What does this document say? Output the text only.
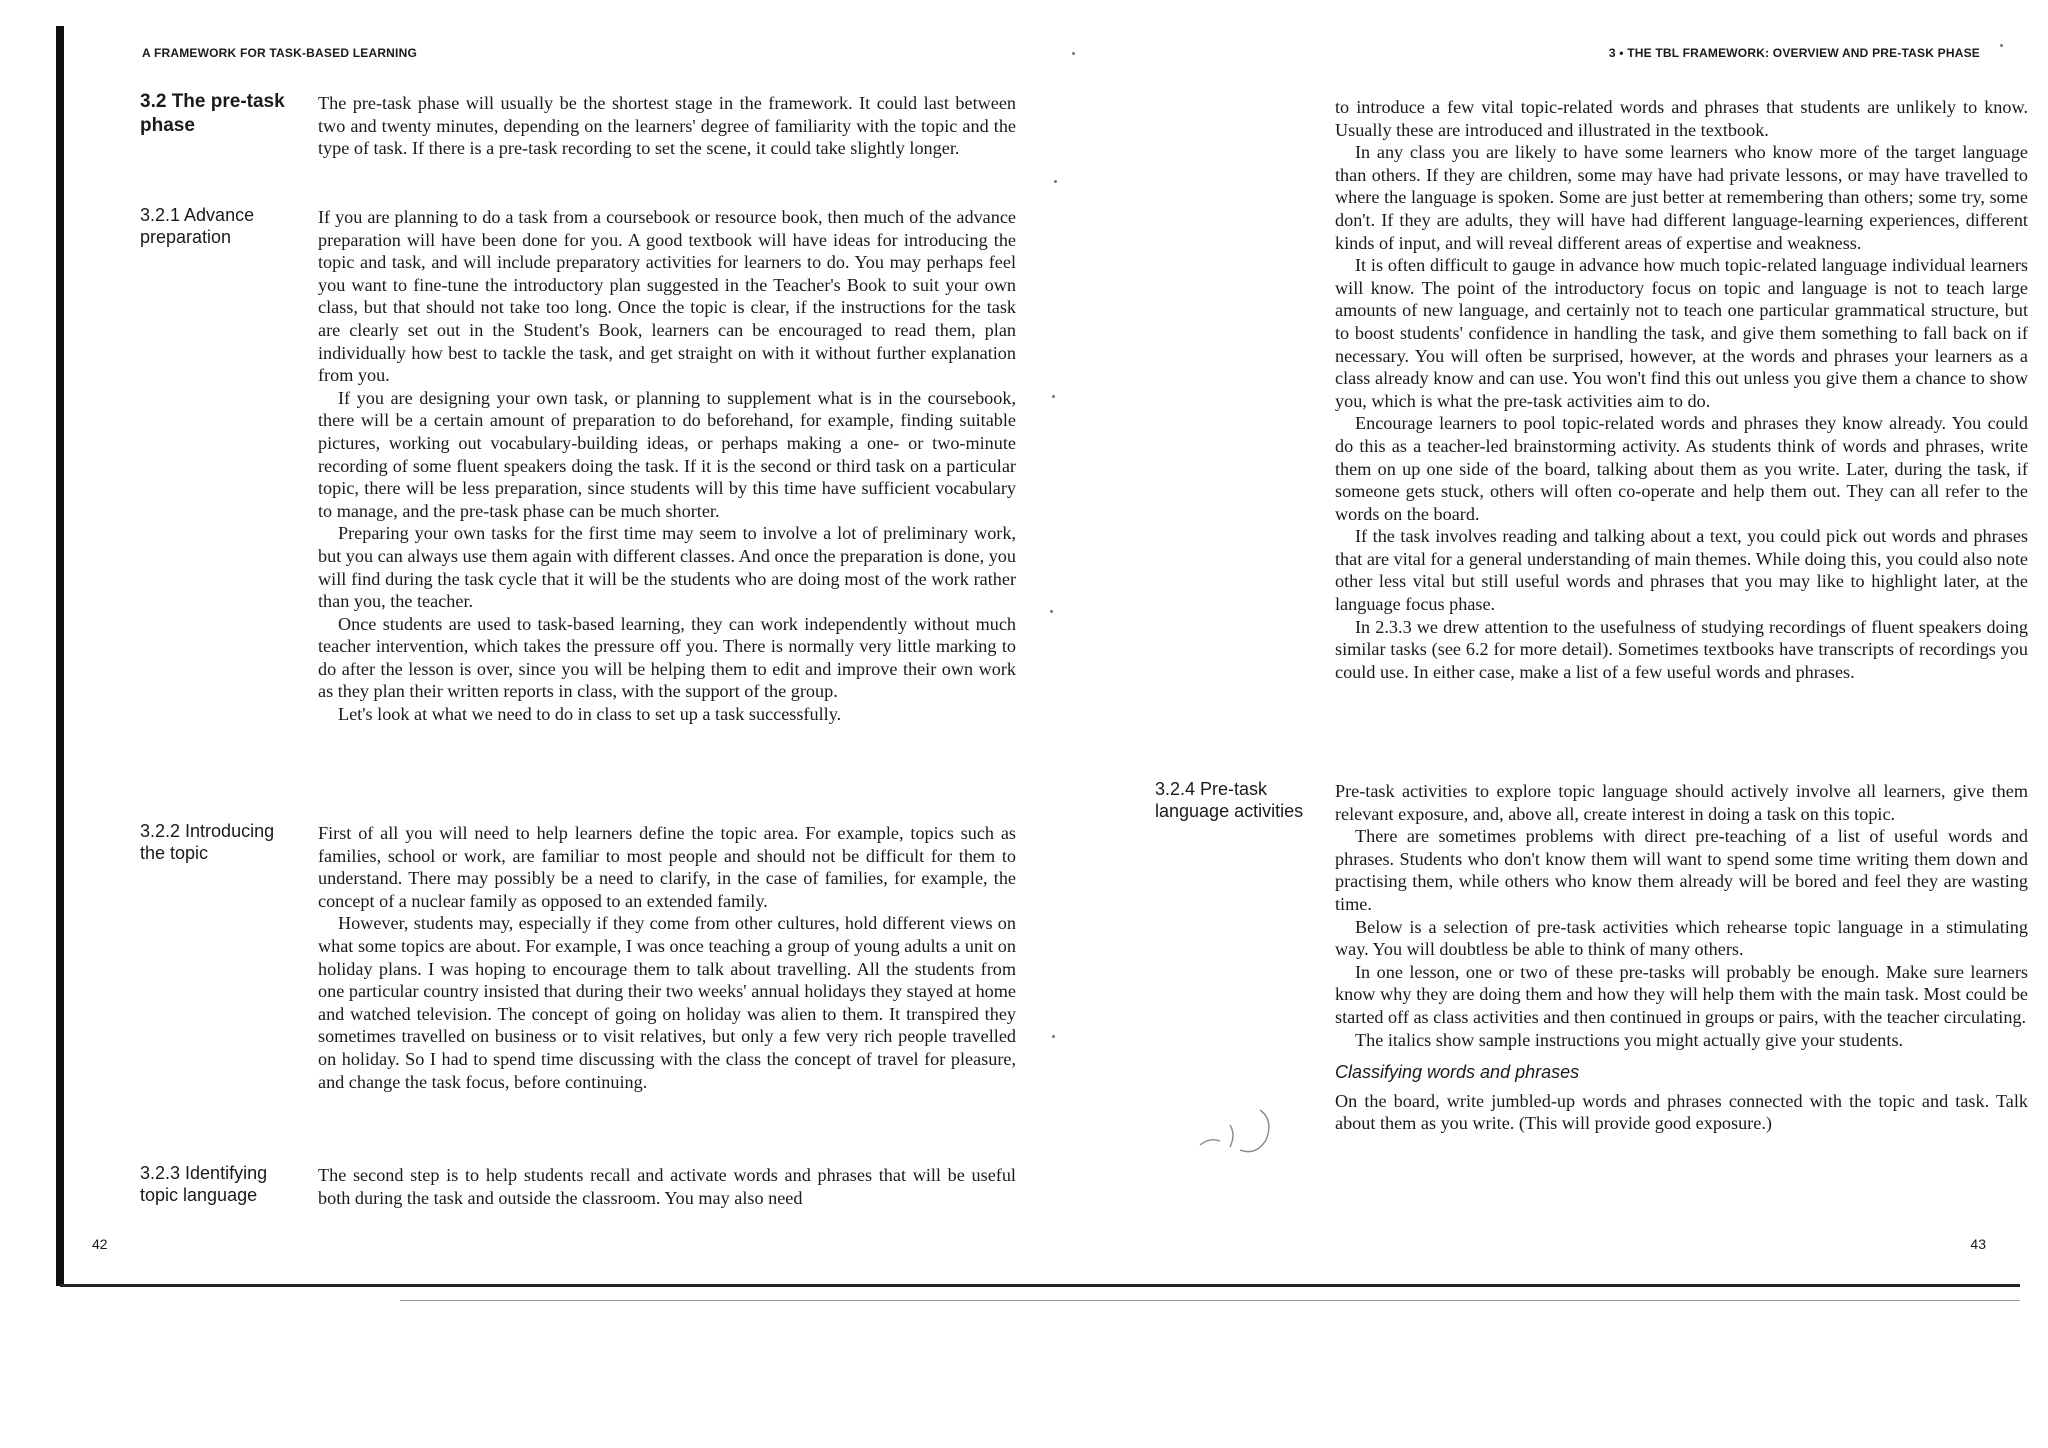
A FRAMEWORK FOR TASK-BASED LEARNING
3.2 The pre-task phase

The pre-task phase will usually be the shortest stage in the framework. It could last between two and twenty minutes, depending on the learners' degree of familiarity with the topic and the type of task. If there is a pre-task recording to set the scene, it could take slightly longer.

3.2.1 Advance preparation

If you are planning to do a task from a coursebook or resource book, then much of the advance preparation will have been done for you. A good textbook will have ideas for introducing the topic and task, and will include preparatory activities for learners to do. You may perhaps feel you want to fine-tune the introductory plan suggested in the Teacher's Book to suit your own class, but that should not take too long. Once the topic is clear, if the instructions for the task are clearly set out in the Student's Book, learners can be encouraged to read them, plan individually how best to tackle the task, and get straight on with it without further explanation from you.

If you are designing your own task, or planning to supplement what is in the coursebook, there will be a certain amount of preparation to do beforehand, for example, finding suitable pictures, working out vocabulary-building ideas, or perhaps making a one- or two-minute recording of some fluent speakers doing the task. If it is the second or third task on a particular topic, there will be less preparation, since students will by this time have sufficient vocabulary to manage, and the pre-task phase can be much shorter.

Preparing your own tasks for the first time may seem to involve a lot of preliminary work, but you can always use them again with different classes. And once the preparation is done, you will find during the task cycle that it will be the students who are doing most of the work rather than you, the teacher.

Once students are used to task-based learning, they can work independently without much teacher intervention, which takes the pressure off you. There is normally very little marking to do after the lesson is over, since you will be helping them to edit and improve their own work as they plan their written reports in class, with the support of the group.

Let's look at what we need to do in class to set up a task successfully.

3.2.2 Introducing the topic

First of all you will need to help learners define the topic area. For example, topics such as families, school or work, are familiar to most people and should not be difficult for them to understand. There may possibly be a need to clarify, in the case of families, for example, the concept of a nuclear family as opposed to an extended family.

However, students may, especially if they come from other cultures, hold different views on what some topics are about. For example, I was once teaching a group of young adults a unit on holiday plans. I was hoping to encourage them to talk about travelling. All the students from one particular country insisted that during their two weeks' annual holidays they stayed at home and watched television. The concept of going on holiday was alien to them. It transpired they sometimes travelled on business or to visit relatives, but only a few very rich people travelled on holiday. So I had to spend time discussing with the class the concept of travel for pleasure, and change the task focus, before continuing.

3.2.3 Identifying topic language

The second step is to help students recall and activate words and phrases that will be useful both during the task and outside the classroom. You may also need

42
3 • THE TBL FRAMEWORK: OVERVIEW AND PRE-TASK PHASE

to introduce a few vital topic-related words and phrases that students are unlikely to know. Usually these are introduced and illustrated in the textbook.

In any class you are likely to have some learners who know more of the target language than others. If they are children, some may have had private lessons, or may have travelled to where the language is spoken. Some are just better at remembering than others; some try, some don't. If they are adults, they will have had different language-learning experiences, different kinds of input, and will reveal different areas of expertise and weakness.

It is often difficult to gauge in advance how much topic-related language individual learners will know. The point of the introductory focus on topic and language is not to teach large amounts of new language, and certainly not to teach one particular grammatical structure, but to boost students' confidence in handling the task, and give them something to fall back on if necessary. You will often be surprised, however, at the words and phrases your learners as a class already know and can use. You won't find this out unless you give them a chance to show you, which is what the pre-task activities aim to do.

Encourage learners to pool topic-related words and phrases they know already. You could do this as a teacher-led brainstorming activity. As students think of words and phrases, write them on up one side of the board, talking about them as you write. Later, during the task, if someone gets stuck, others will often co-operate and help them out. They can all refer to the words on the board.

If the task involves reading and talking about a text, you could pick out words and phrases that are vital for a general understanding of main themes. While doing this, you could also note other less vital but still useful words and phrases that you may like to highlight later, at the language focus phase.

In 2.3.3 we drew attention to the usefulness of studying recordings of fluent speakers doing similar tasks (see 6.2 for more detail). Sometimes textbooks have transcripts of recordings you could use. In either case, make a list of a few useful words and phrases.

3.2.4 Pre-task language activities

Pre-task activities to explore topic language should actively involve all learners, give them relevant exposure, and, above all, create interest in doing a task on this topic.

There are sometimes problems with direct pre-teaching of a list of useful words and phrases. Students who don't know them will want to spend some time writing them down and practising them, while others who know them already will be bored and feel they are wasting time.

Below is a selection of pre-task activities which rehearse topic language in a stimulating way. You will doubtless be able to think of many others.

In one lesson, one or two of these pre-tasks will probably be enough. Make sure learners know why they are doing them and how they will help them with the main task. Most could be started off as class activities and then continued in groups or pairs, with the teacher circulating.

The italics show sample instructions you might actually give your students.

Classifying words and phrases

On the board, write jumbled-up words and phrases connected with the topic and task. Talk about them as you write. (This will provide good exposure.)

43
